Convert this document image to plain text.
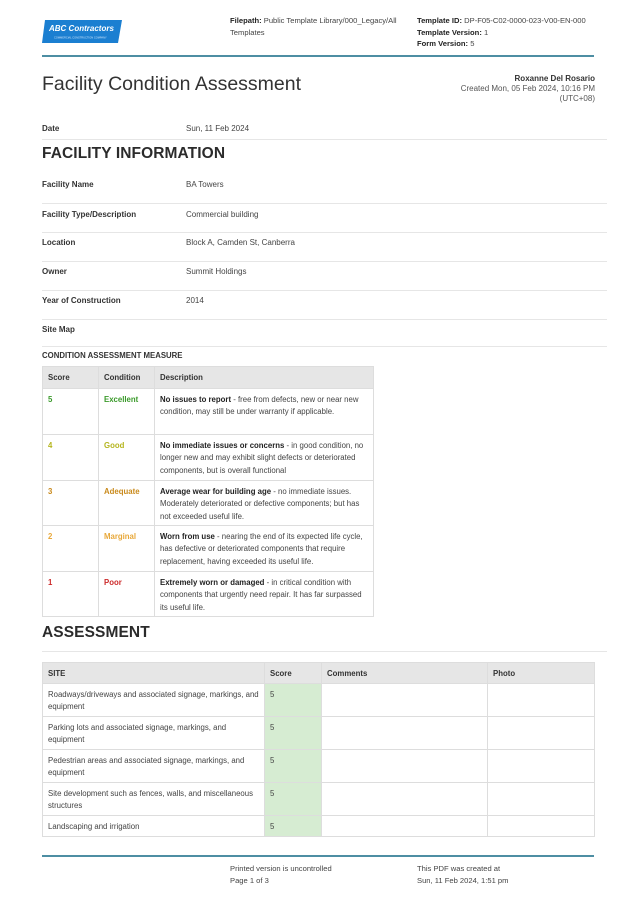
ABC Contractors
COMMERCIAL CONSTRUCTION COMPANY
Filepath: Public Template Library/000_Legacy/All Templates
Template ID: DP-F05-C02-0000-023-V00-EN-000
Template Version: 1
Form Version: 5
Facility Condition Assessment	Roxanne Del Rosario
Created Mon, 05 Feb 2024, 10:16 PM
(UTC+08)
Date	Sun, 11 Feb 2024
FACILITY INFORMATION
Facility Name	BA Towers
Facility Type/Description	Commercial building
Location	Block A, Camden St, Canberra
Owner	Summit Holdings
Year of Construction	2014
Site Map
CONDITION ASSESSMENT MEASURE
Score	Condition	Description
5	Excellent	No issues to report - free from defects, new or near new condition, may still be under warranty if applicable.
4	Good	No immediate issues or concerns - in good condition, no longer new and may exhibit slight defects or deteriorated components, but is overall functional
3	Adequate	Average wear for building age - no immediate issues. Moderately deteriorated or defective components; but has not exceeded useful life.
2	Marginal	Worn from use - nearing the end of its expected life cycle, has defective or deteriorated components that require replacement, having exceeded its useful life.
1	Poor	Extremely worn or damaged - in critical condition with components that urgently need repair. It has far surpassed its useful life.
ASSESSMENT
SITE	Score	Comments	Photo
Roadways/driveways and associated signage, markings, and equipment	5		
Parking lots and associated signage, markings, and equipment	5		
Pedestrian areas and associated signage, markings, and equipment	5		
Site development such as fences, walls, and miscellaneous structures	5		
Landscaping and irrigation	5		
Printed version is uncontrolled
Page 1 of 3
This PDF was created at
Sun, 11 Feb 2024, 1:51 pm
